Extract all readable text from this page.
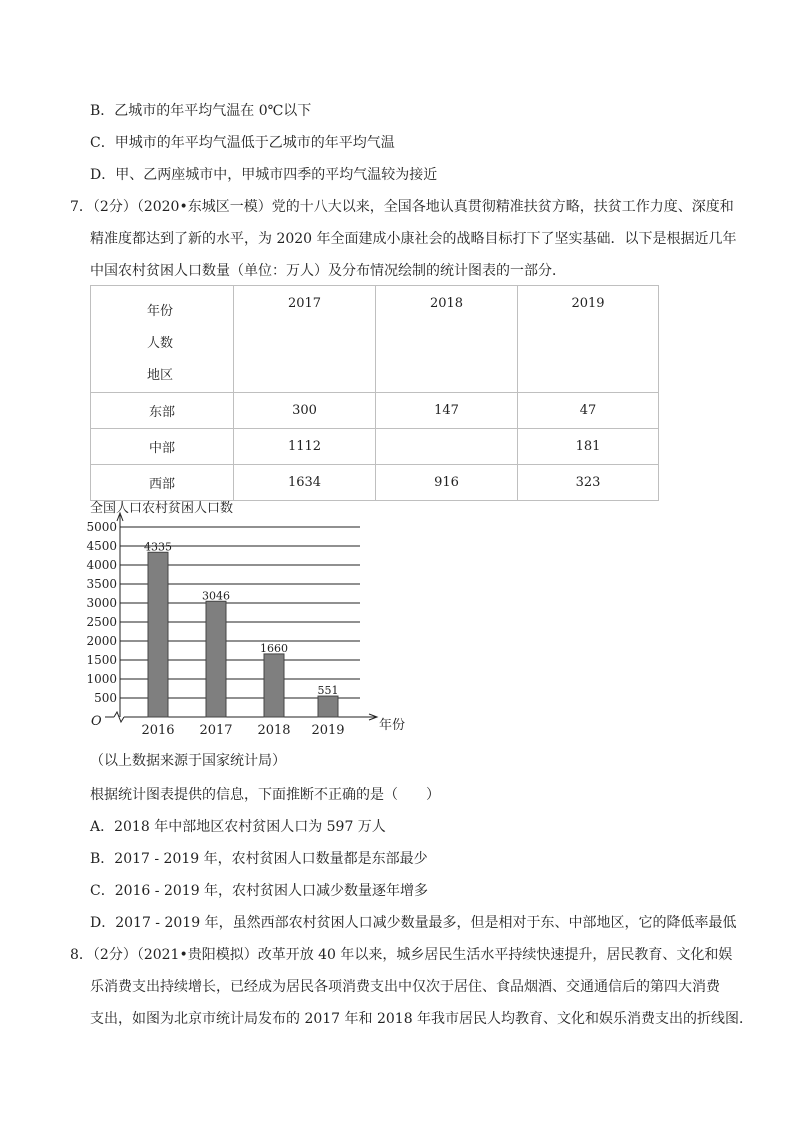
B．乙城市的年平均气温在 0℃以下
C．甲城市的年平均气温低于乙城市的年平均气温
D．甲、乙两座城市中，甲城市四季的平均气温较为接近
7．（2分）（2020•东城区一模）党的十八大以来，全国各地认真贯彻精准扶贫方略，扶贫工作力度、深度和
精准度都达到了新的水平，为 2020 年全面建成小康社会的战略目标打下了坚实基础．以下是根据近几年
中国农村贫困人口数量（单位：万人）及分布情况绘制的统计图表的一部分．
年份
人数
地区	2017	2018	2019
东部	300	147	47
中部	1112		181
西部	1634	916	323
全国人口农村贫困人口数
500
1000
1500
2000
2500
3000
3500
4000
4500
5000
年份
O
4335
2016
3046
2017
1660
2018
551
2019
（以上数据来源于国家统计局）
根据统计图表提供的信息，下面推断不正确的是（　　）
A．2018 年中部地区农村贫困人口为 597 万人
B．2017 - 2019 年，农村贫困人口数量都是东部最少
C．2016 - 2019 年，农村贫困人口减少数量逐年增多
D．2017 - 2019 年，虽然西部农村贫困人口减少数量最多，但是相对于东、中部地区，它的降低率最低
8．（2分）（2021•贵阳模拟）改革开放 40 年以来，城乡居民生活水平持续快速提升，居民教育、文化和娱
乐消费支出持续增长，已经成为居民各项消费支出中仅次于居住、食品烟酒、交通通信后的第四大消费
支出，如图为北京市统计局发布的 2017 年和 2018 年我市居民人均教育、文化和娱乐消费支出的折线图．
